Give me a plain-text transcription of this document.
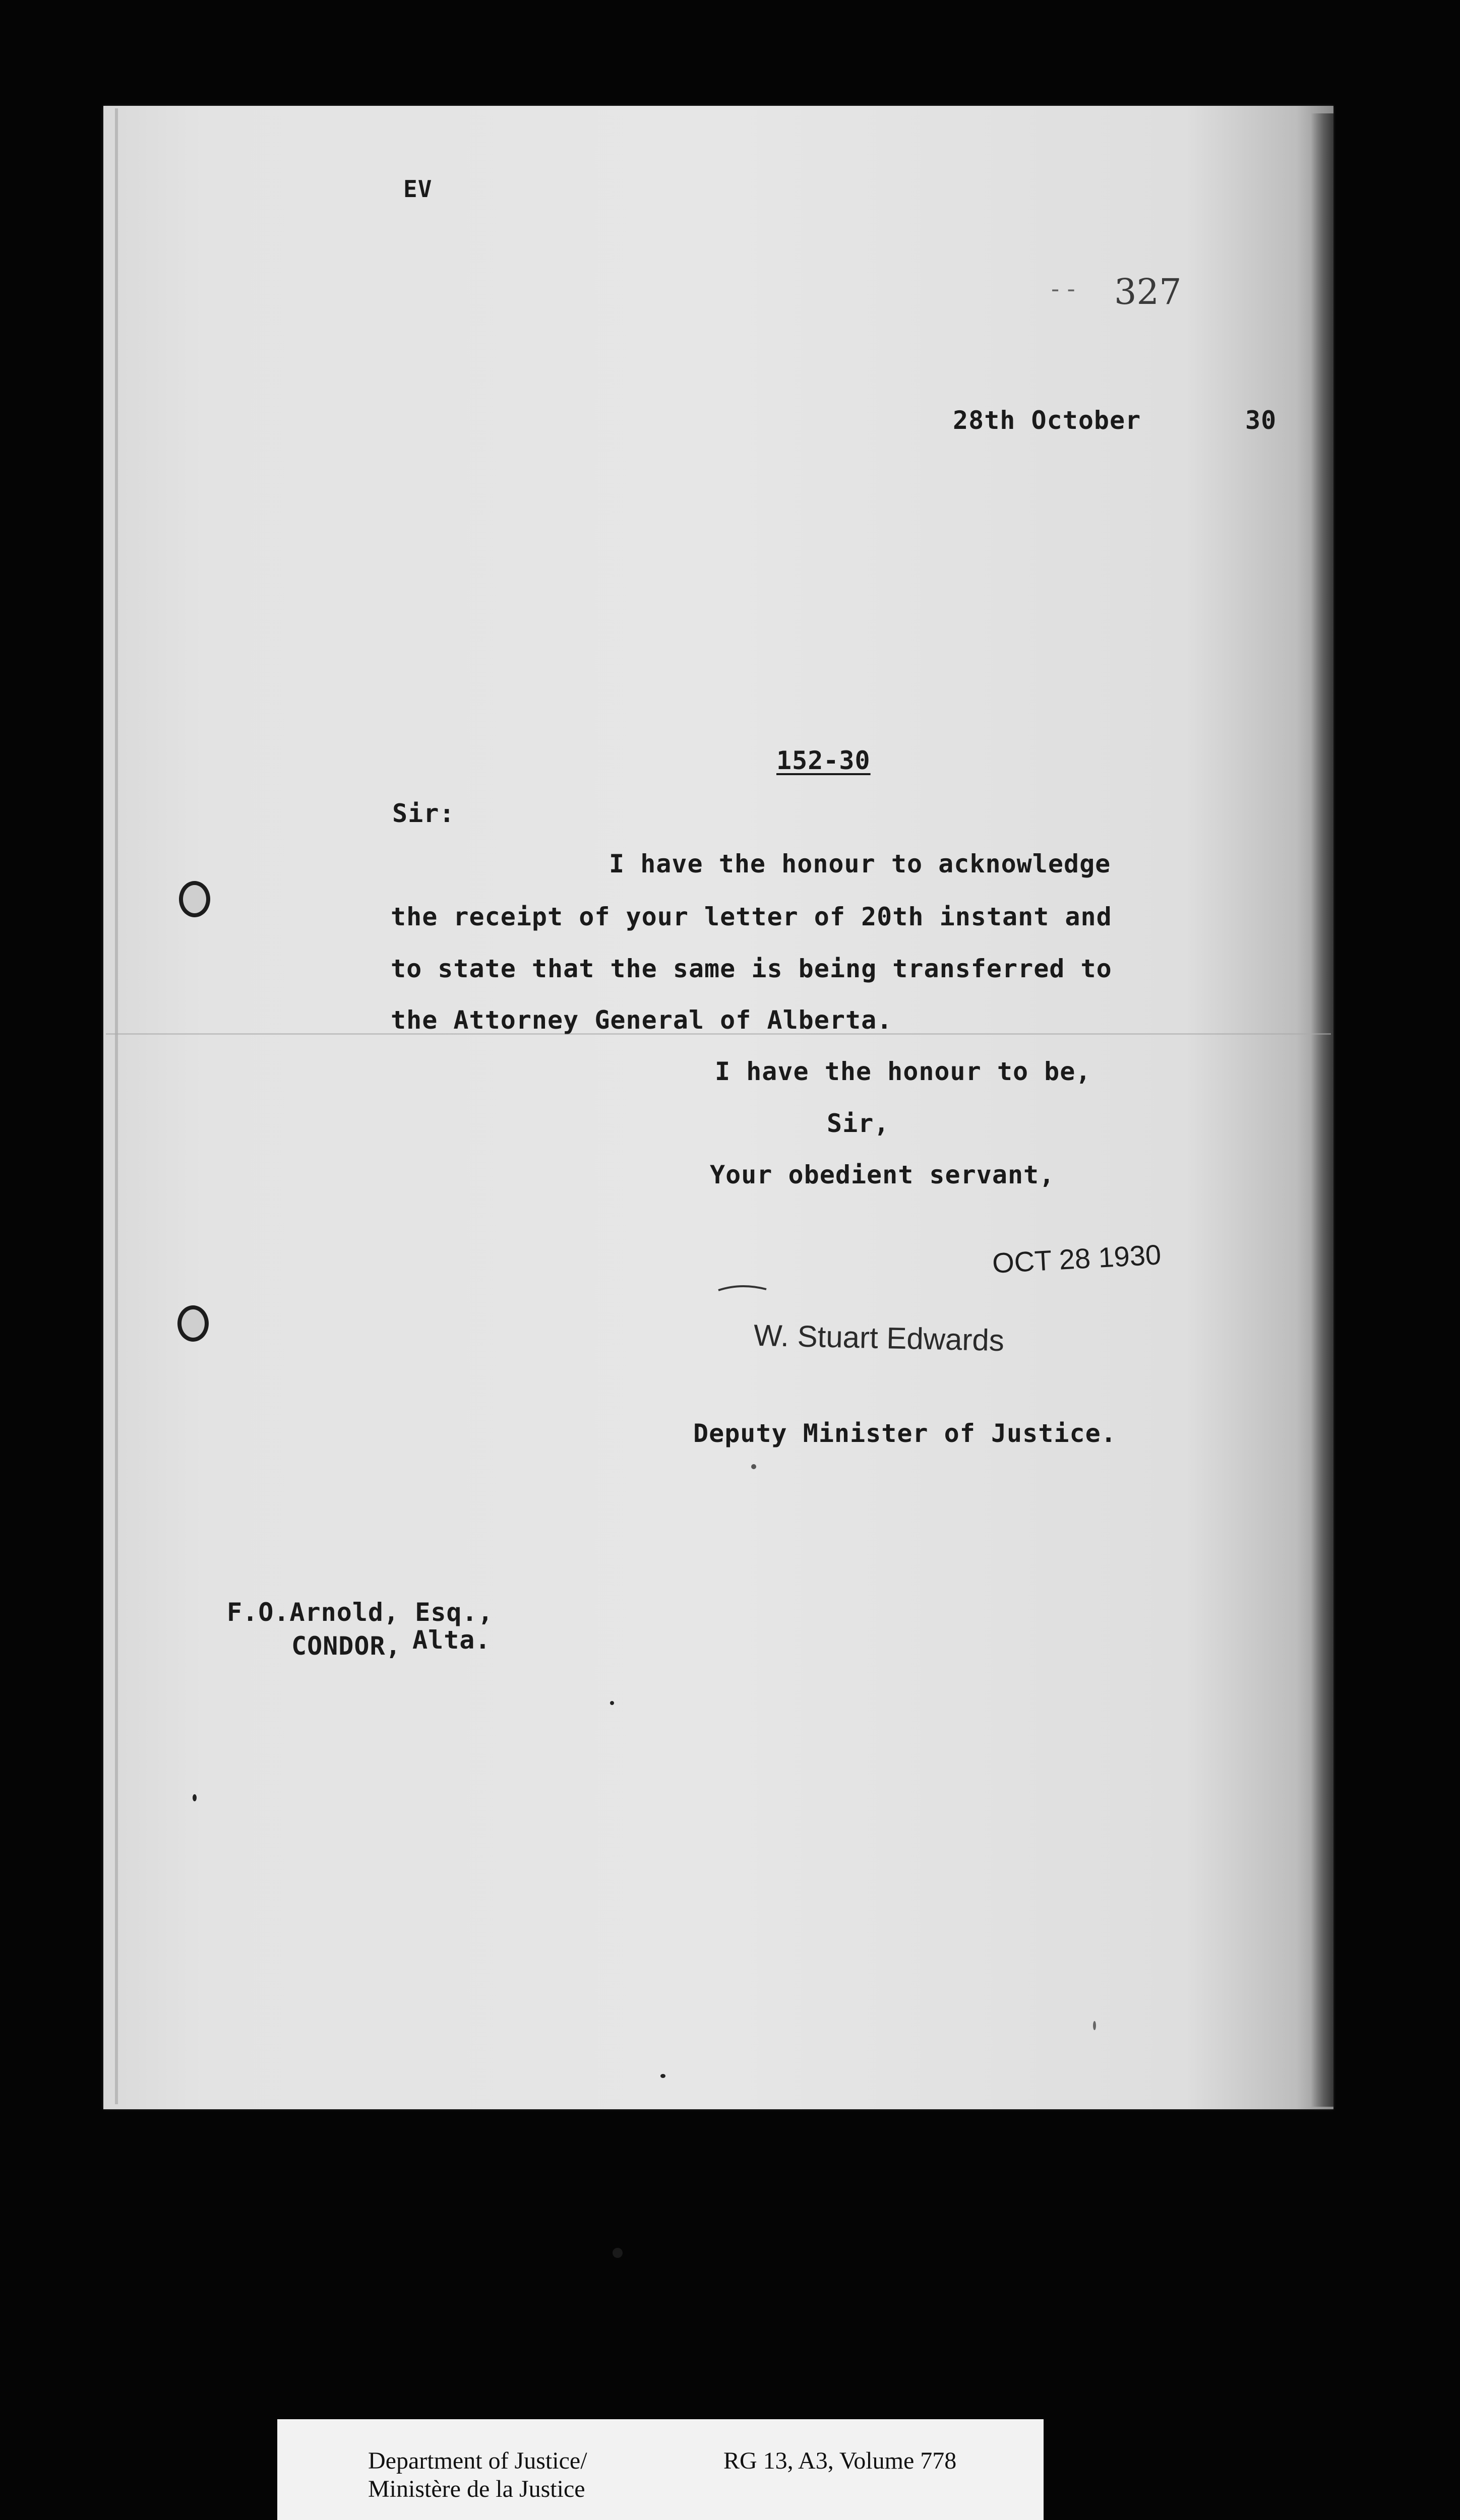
EV
- - 327
28th October	30
152-30
Sir:
I have the honour to acknowledge
the receipt of your letter of 20th instant and
to state that the same is being transferred to
the Attorney General of Alberta.
I have the honour to be,
Sir,
Your obedient servant,
OCT 28 1930
W. Stuart Edwards
Deputy Minister of Justice.
F.O.Arnold, Esq.,
CONDOR, Alta.
Department of Justice/
Ministère de la Justice
RG 13, A3, Volume 778
